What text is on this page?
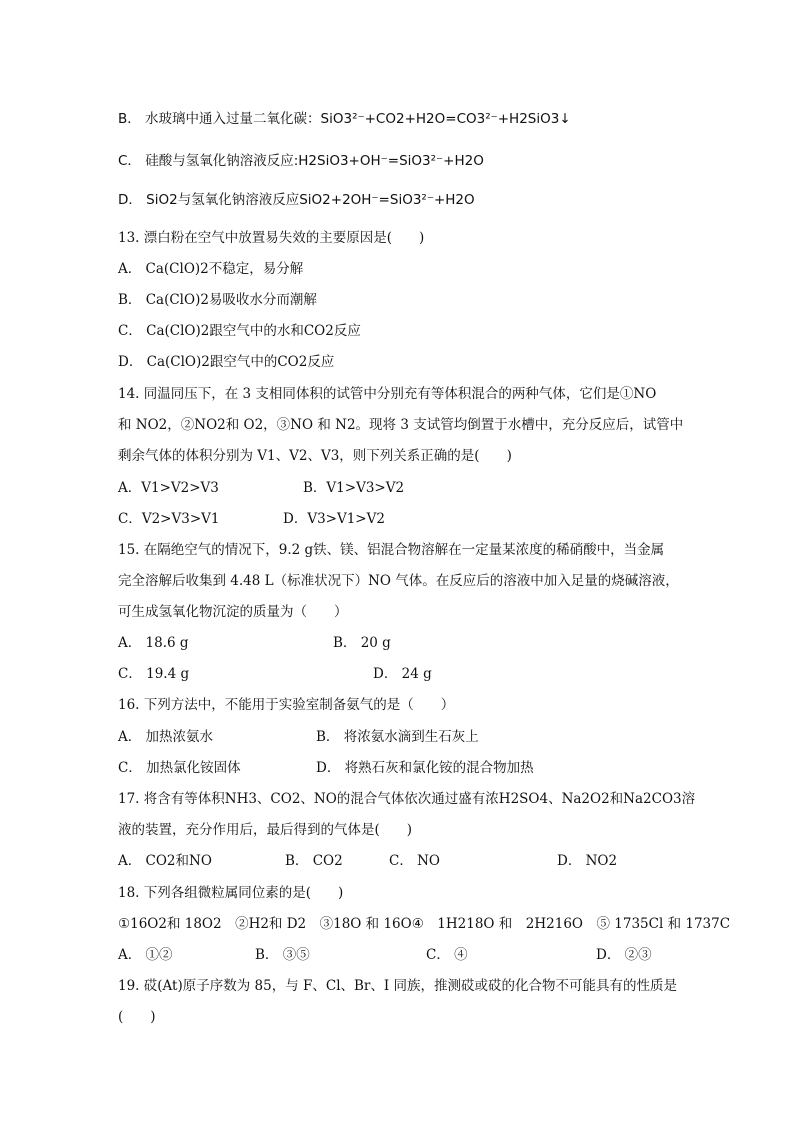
B． 水玻璃中通入过量二氧化碳：SiO3²⁻+CO2+H2O=CO3²⁻+H2SiO3↓
C． 硅酸与氢氧化钠溶液反应:H2SiO3+OH⁻=SiO3²⁻+H2O
D． SiO2与氢氧化钠溶液反应SiO2+2OH⁻=SiO3²⁻+H2O
13. 漂白粉在空气中放置易失效的主要原因是(　　)
A． Ca(ClO)2不稳定，易分解
B． Ca(ClO)2易吸收水分而潮解
C． Ca(ClO)2跟空气中的水和CO2反应
D． Ca(ClO)2跟空气中的CO2反应
14. 同温同压下，在 3 支相同体积的试管中分别充有等体积混合的两种气体，它们是①NO
和 NO2，②NO2和 O2，③NO 和 N2。现将 3 支试管均倒置于水槽中，充分反应后，试管中
剩余气体的体积分别为 V1、V2、V3，则下列关系正确的是(　　)
A．V1>V2>V3	B．V1>V3>V2
C．V2>V3>V1	D．V3>V1>V2
15. 在隔绝空气的情况下，9.2 g铁、镁、铝混合物溶解在一定量某浓度的稀硝酸中，当金属
完全溶解后收集到 4.48 L（标准状况下）NO 气体。在反应后的溶液中加入足量的烧碱溶液，
可生成氢氧化物沉淀的质量为（　　）
A． 18.6 g	B． 20 g
C． 19.4 g	D． 24 g
16. 下列方法中，不能用于实验室制备氨气的是（　　）
A． 加热浓氨水	B． 将浓氨水滴到生石灰上
C． 加热氯化铵固体	D． 将熟石灰和氯化铵的混合物加热
17. 将含有等体积NH3、CO2、NO的混合气体依次通过盛有浓H2SO4、Na2O2和Na2CO3溶
液的装置，充分作用后，最后得到的气体是(　　)
A． CO2和NO	B． CO2	C． NO	D． NO2
18. 下列各组微粒属同位素的是(　　)
①16O2和 18O2　②H2和 D2　③18O 和 16O④　1H218O 和　2H216O　⑤ 1735Cl 和 1737C
A． ①②	B． ③⑤	C． ④	D． ②③
19. 砹(At)原子序数为 85，与 F、Cl、Br、I 同族，推测砹或砹的化合物不可能具有的性质是
(　　)
